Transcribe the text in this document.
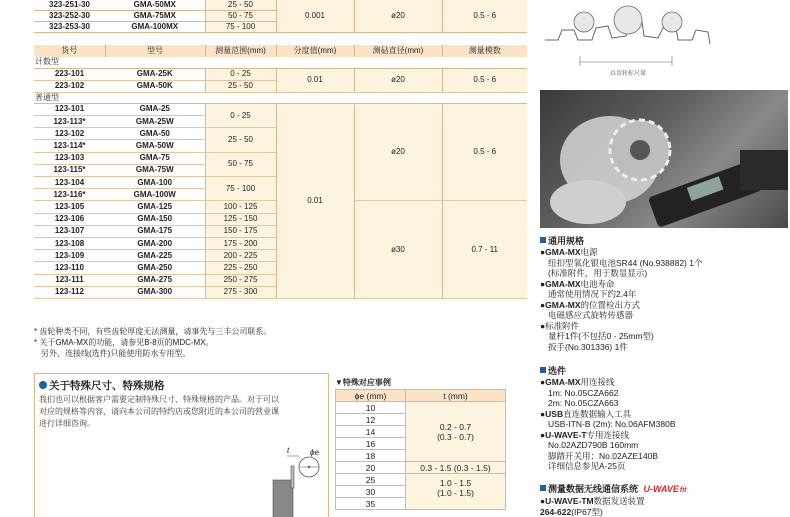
323-251-30	GMA-50MX	25 - 50	0.001	ø20	0.5 - 6
323-252-30	GMA-75MX	50 - 75			
323-253-30	GMA-100MX	75 - 100			
货号	型号	测量范围(mm)	分度值(mm)	测砧直径(mm)	测量模数
计数型					
223-101	GMA-25K	0 - 25	0.01	ø20	0.5 - 6
223-102	GMA-50K	25 - 50			
普通型					
123-101	GMA-25	0 - 25	0.01	ø20	0.5 - 6
123-113*	GMA-25W				
123-102	GMA-50	25 - 50			
123-114*	GMA-50W				
123-103	GMA-75	50 - 75			
123-115*	GMA-75W				
123-104	GMA-100	75 - 100			
123-116*	GMA-100W				
123-105	GMA-125	100 - 125		ø30	0.7 - 11
123-106	GMA-150	125 - 150			
123-107	GMA-175	150 - 175			
123-108	GMA-200	175 - 200			
123-109	GMA-225	200 - 225			
123-110	GMA-250	225 - 250			
123-111	GMA-275	250 - 275			
123-112	GMA-300	275 - 300			
* 齿轮种类不同，有些齿轮厚度无法测量，请事先与三丰公司联系。
* 关于GMA-MX的功能，请参见B-8页的MDC-MX。
另外、连接线(选件)只能使用防水专用型。
关于特殊尺寸、特殊规格
我们也可以根据客户需要定制特殊尺寸、特殊规格的产品。对于可以
对应的规格等内容，请向本公司的特约店或您附近的本公司的营业课
进行详细咨询。
t	ϕe
▼特殊对应事例
ϕe (mm)	t (mm)
10	0.2 - 0.7
(0.3 - 0.7)

12	
14	
16	
18	
20	0.3 - 1.5 (0.3 - 1.5)
25	1.0 - 1.5
(1.0 - 1.5)

30	
35	
以齿轮标尺量
通用规格
●GMA-MX电源
纽扣型氧化银电池SR44 (No.938882) 1个
(标准附件，用于数显显示)
●GMA-MX电池寿命
通常使用情况下约2.4年
●GMA-MX的位置检出方式
电磁感应式旋转传感器
●标准附件
量杆1件(不包括0 - 25mm型)
扳手(No.301336) 1件
选件
●GMA-MX用连接线
1m: No.05CZA662
2m: No.05CZA663
●USB直连数据输入工具
USB-ITN-B (2m): No.06AFM380B
●U-WAVE-T专用连接线
No.02AZD790B 160mm
脚踏开关用：No.02AZE140B
详细信息参见A-25页
测量数据无线通信系统 U-WAVEfit
●U-WAVE-TM数据发送装置
264-622(IP67型)
